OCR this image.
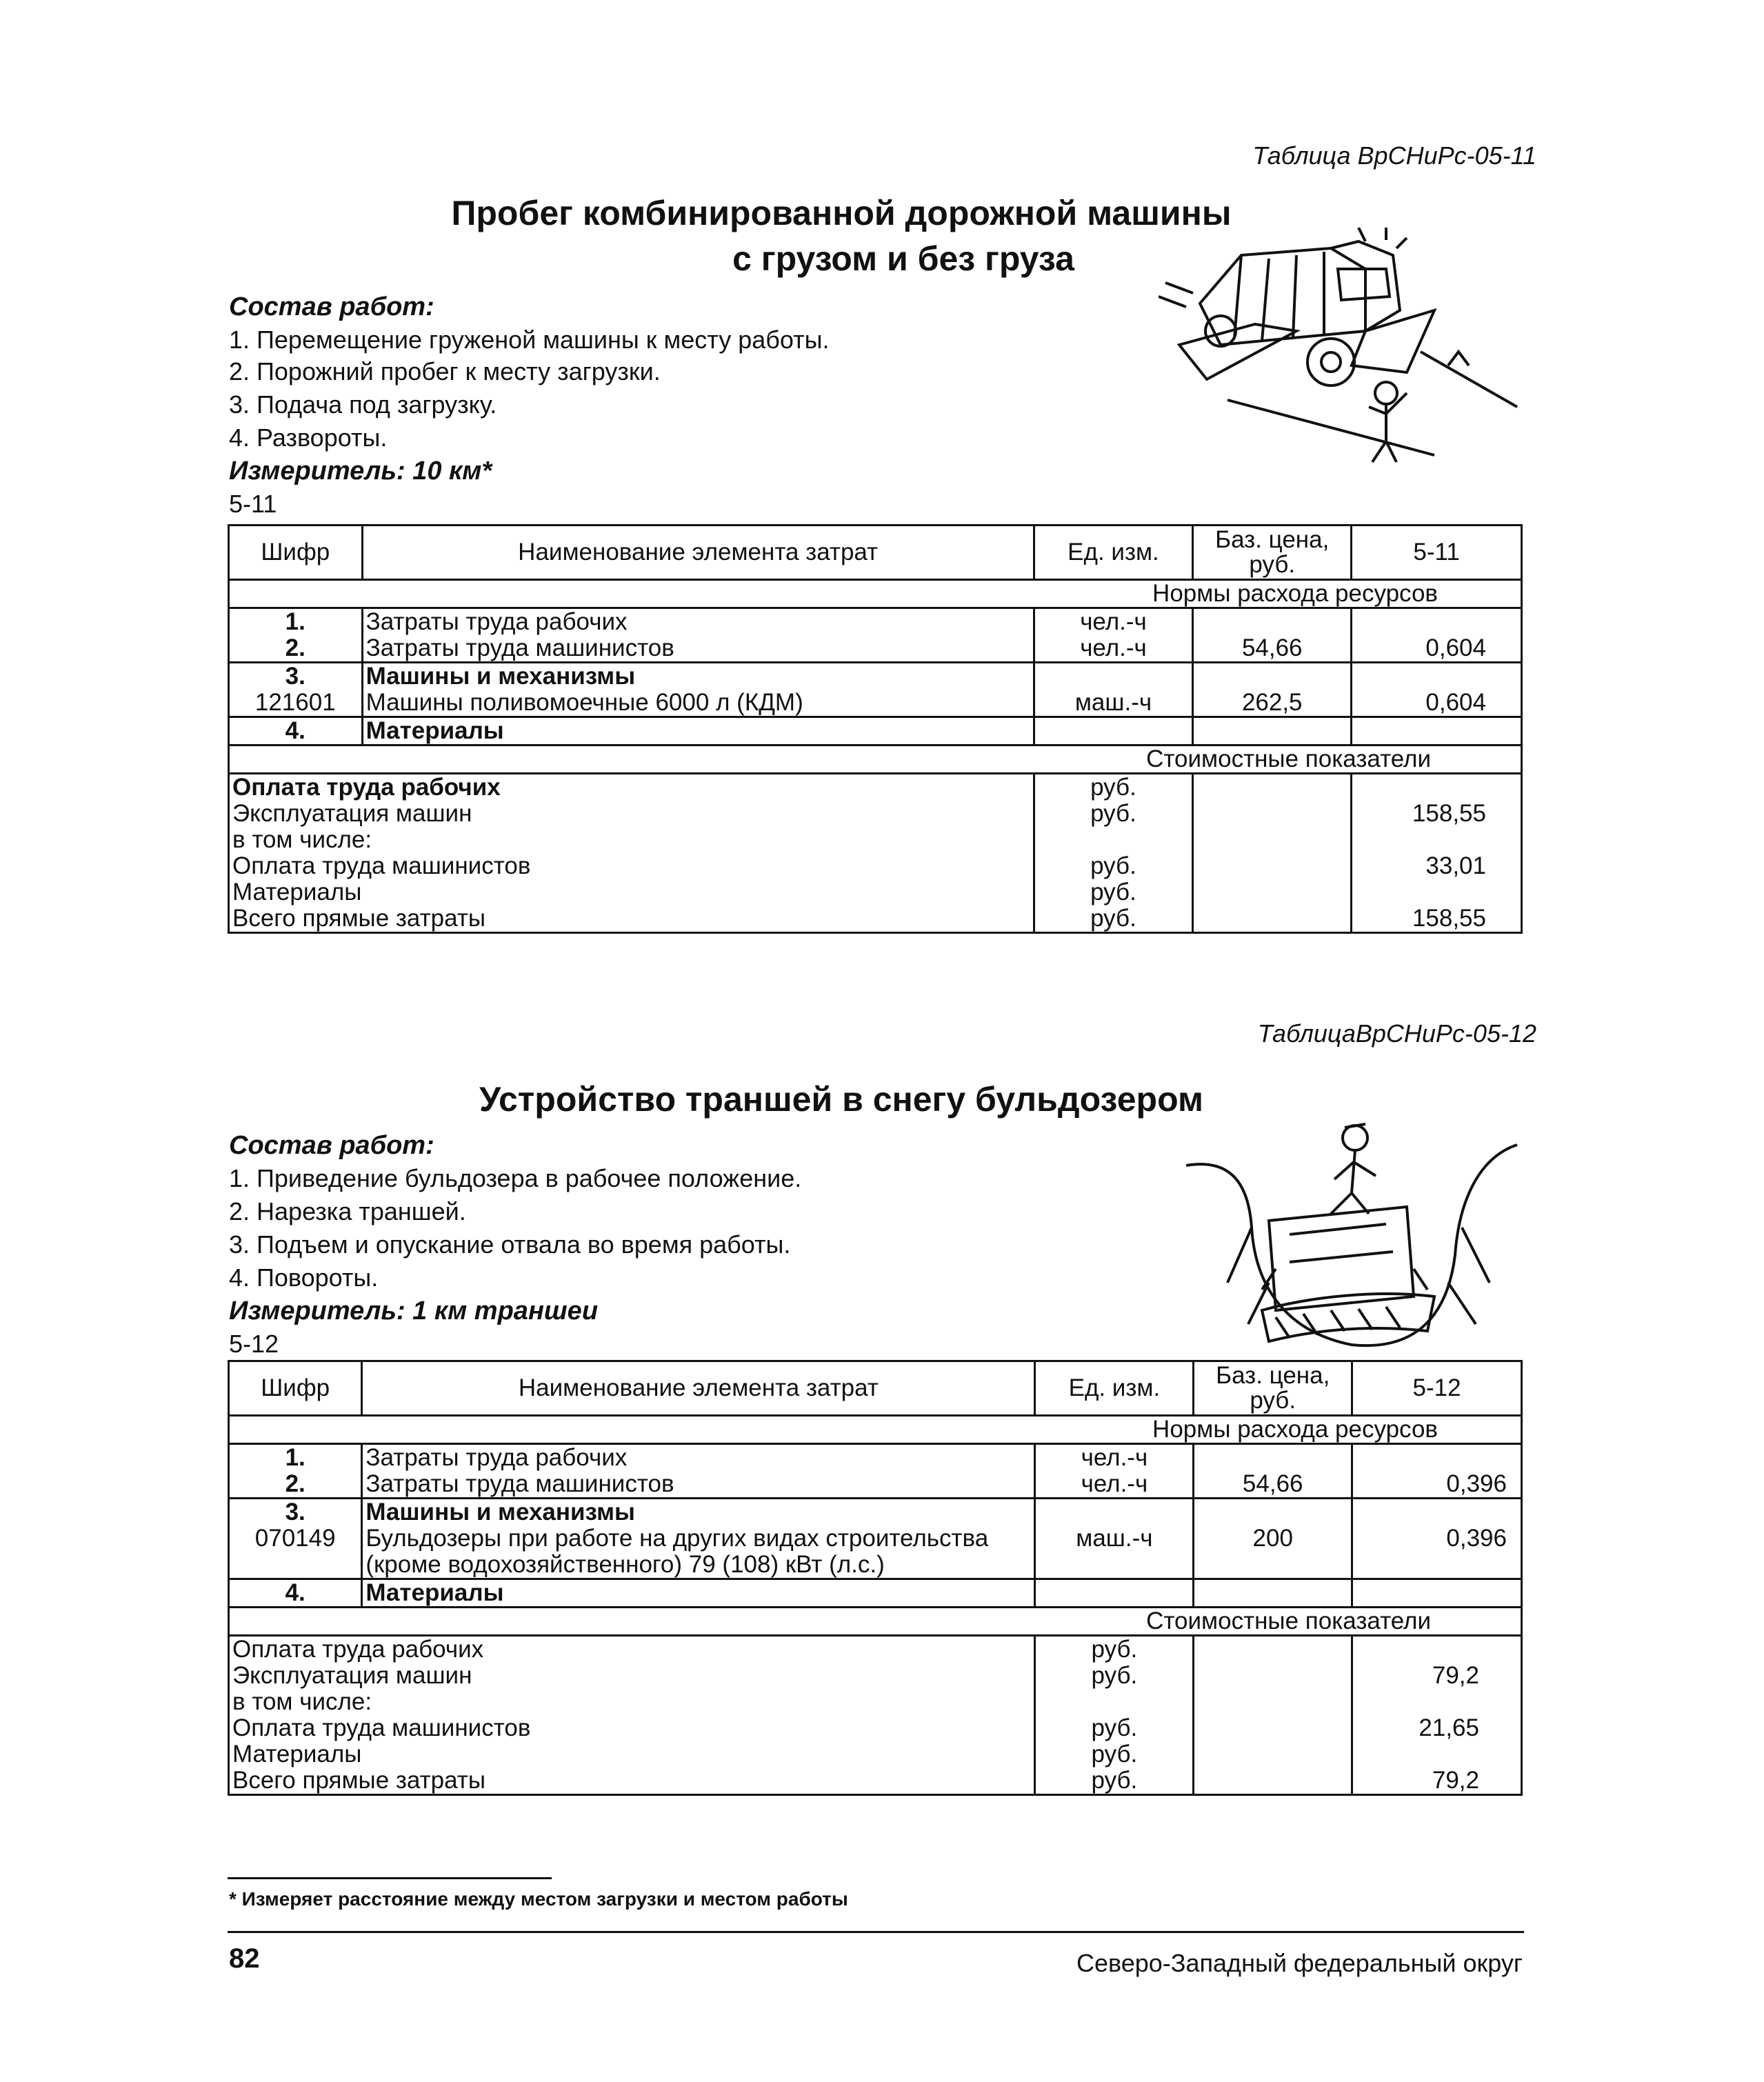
Таблица ВрСНиРс-05-11
Пробег комбинированной дорожной машины
с грузом и без груза
Состав работ:
1. Перемещение груженой машины к месту работы.
2. Порожний пробег к месту загрузки.
3. Подача под загрузку.
4. Развороты.
Измеритель: 10 км*
5-11
Шифр	Наименование элемента затрат	Ед. изм.	Баз. цена, руб.	5-11
Нормы расхода ресурсов				
1.	Затраты труда рабочих	чел.-ч		
2.	Затраты труда машинистов	чел.-ч	54,66	0,604
3.	Машины и механизмы			
121601	Машины поливомоечные 6000 л (КДМ)	маш.-ч	262,5	0,604
4.	Материалы			
Стоимостные показатели				
Оплата труда рабочих		руб.		
Эксплуатация машин		руб.		158,55
в том числе:				
Оплата труда машинистов		руб.		33,01
Материалы		руб.		
Всего прямые затраты		руб.		158,55
ТаблицаВрСНиРс-05-12
Устройство траншей в снегу бульдозером
Состав работ:
1. Приведение бульдозера в рабочее положение.
2. Нарезка траншей.
3. Подъем и опускание отвала во время работы.
4. Повороты.
Измеритель: 1 км траншеи
5-12
Шифр	Наименование элемента затрат	Ед. изм.	Баз. цена, руб.	5-12
Нормы расхода ресурсов				
1.	Затраты труда рабочих	чел.-ч		
2.	Затраты труда машинистов	чел.-ч	54,66	0,396
3.	Машины и механизмы			
070149	Бульдозеры при работе на других видах строительства (кроме водохозяйственного) 79 (108) кВт (л.с.)	маш.-ч	200	0,396
4.	Материалы			
Стоимостные показатели				
Оплата труда рабочих		руб.		
Эксплуатация машин		руб.		79,2
в том числе:				
Оплата труда машинистов		руб.		21,65
Материалы		руб.		
Всего прямые затраты		руб.		79,2
* Измеряет расстояние между местом загрузки и местом работы
82	Северо-Западный федеральный округ
